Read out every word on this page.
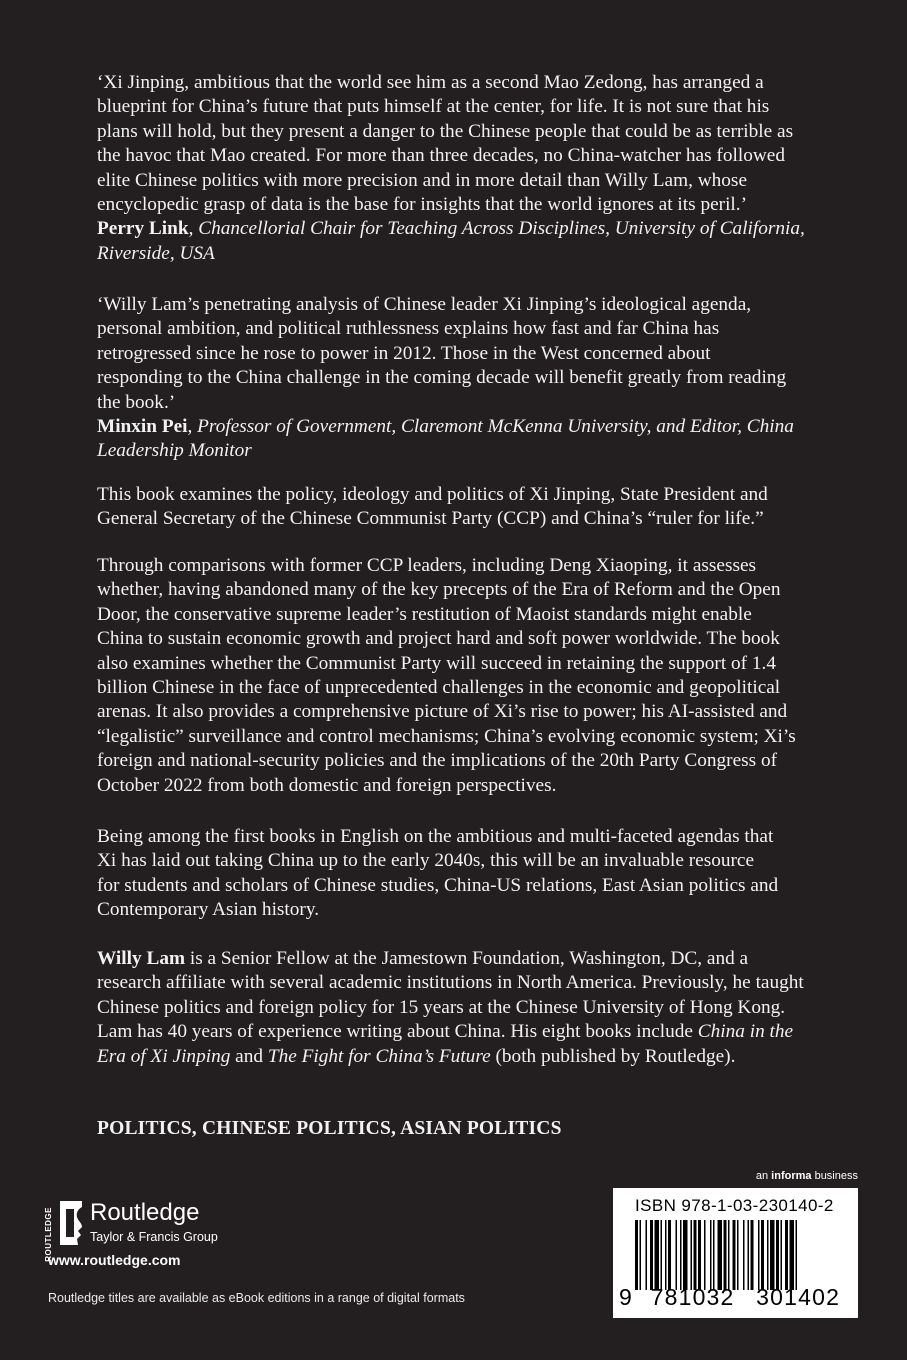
‘Xi Jinping, ambitious that the world see him as a second Mao Zedong, has arranged a

blueprint for China’s future that puts himself at the center, for life. It is not sure that his

plans will hold, but they present a danger to the Chinese people that could be as terrible as

the havoc that Mao created. For more than three decades, no China-watcher has followed

elite Chinese politics with more precision and in more detail than Willy Lam, whose

encyclopedic grasp of data is the base for insights that the world ignores at its peril.’

Perry Link, Chancellorial Chair for Teaching Across Disciplines, University of California,

Riverside, USA

‘Willy Lam’s penetrating analysis of Chinese leader Xi Jinping’s ideological agenda,

personal ambition, and political ruthlessness explains how fast and far China has

retrogressed since he rose to power in 2012. Those in the West concerned about

responding to the China challenge in the coming decade will benefit greatly from reading

the book.’

Minxin Pei, Professor of Government, Claremont McKenna University, and Editor, China

Leadership Monitor

This book examines the policy, ideology and politics of Xi Jinping, State President and

General Secretary of the Chinese Communist Party (CCP) and China’s “ruler for life.”

Through comparisons with former CCP leaders, including Deng Xiaoping, it assesses

whether, having abandoned many of the key precepts of the Era of Reform and the Open

Door, the conservative supreme leader’s restitution of Maoist standards might enable

China to sustain economic growth and project hard and soft power worldwide. The book

also examines whether the Communist Party will succeed in retaining the support of 1.4

billion Chinese in the face of unprecedented challenges in the economic and geopolitical

arenas. It also provides a comprehensive picture of Xi’s rise to power; his AI-assisted and

“legalistic” surveillance and control mechanisms; China’s evolving economic system; Xi’s

foreign and national-security policies and the implications of the 20th Party Congress of

October 2022 from both domestic and foreign perspectives.

Being among the first books in English on the ambitious and multi-faceted agendas that

Xi has laid out taking China up to the early 2040s, this will be an invaluable resource

for students and scholars of Chinese studies, China-US relations, East Asian politics and

Contemporary Asian history.

Willy Lam is a Senior Fellow at the Jamestown Foundation, Washington, DC, and a

research affiliate with several academic institutions in North America. Previously, he taught

Chinese politics and foreign policy for 15 years at the Chinese University of Hong Kong.

Lam has 40 years of experience writing about China. His eight books include China in the

Era of Xi Jinping and The Fight for China’s Future (both published by Routledge).

POLITICS, CHINESE POLITICS, ASIAN POLITICS
an informa business
ISBN 978-1-03-230140-2
9 781032 301402
ROUTLEDGE Routledge
Taylor & Francis Group
www.routledge.com
Routledge titles are available as eBook editions in a range of digital formats
